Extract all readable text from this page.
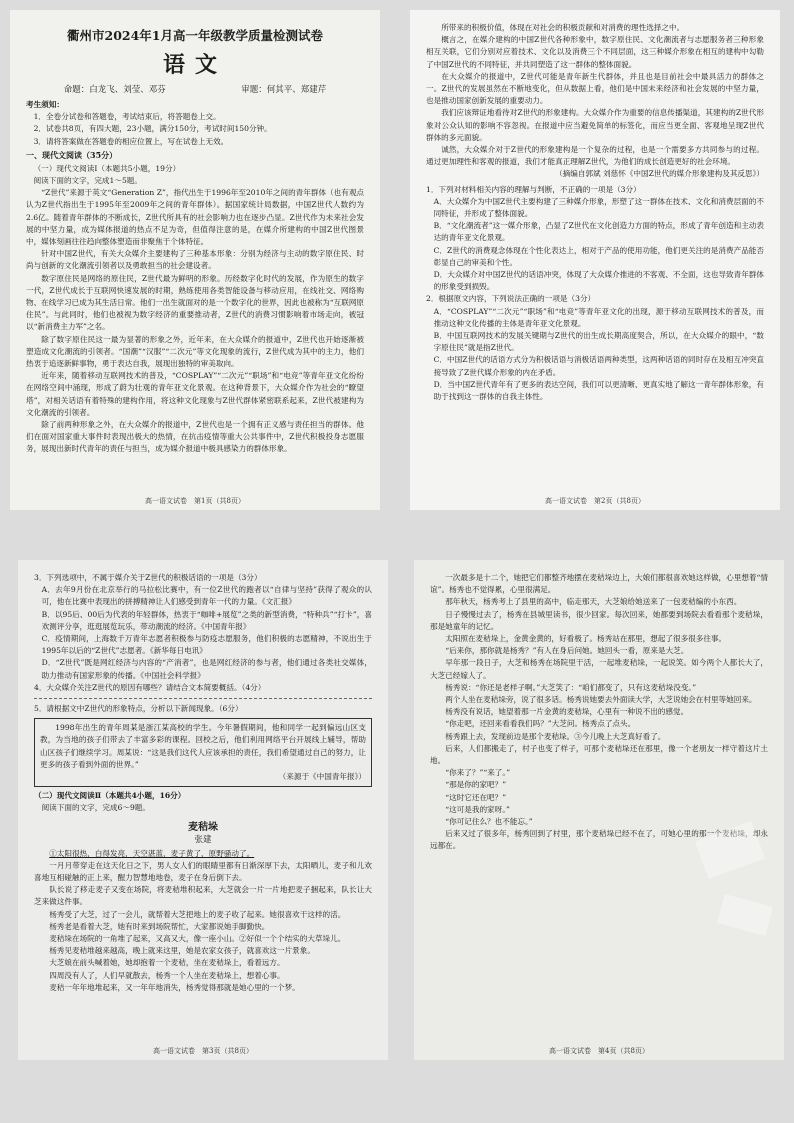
衢州市2024年1月高一年级教学质量检测试卷
语文
命题：白龙飞、刘莹、邓芬	审题：何其平、郑建芹

考生须知：

1．全卷分试卷和答题卷，考试结束后，将答题卷上交。

2．试卷共8页，有四大题，23小题，满分150分，考试时间150分钟。

3．请将答案做在答题卷的相应位置上，写在试卷上无效。

一、现代文阅读（35分）

（一）现代文阅读Ⅰ（本题共5小题，19分）

阅读下面的文字，完成1～5题。

“Z世代”来源于英文“Generation Z”，指代出生于1996年至2010年之间的青年群体（也有观点认为Z世代指出生于1995年至2009年之间的青年群体）。据国家统计局数据，中国Z世代人数约为2.6亿。随着青年群体的不断成长，Z世代所具有的社会影响力也在逐步凸显。Z世代作为未来社会发展的中坚力量，成为媒体报道的热点不足为奇，但值得注意的是，在媒介所建构的中国Z世代图景中，媒体刻画往往趋向整体塑造而非聚焦于个体特征。

针对中国Z世代，有关大众媒介主要建构了三种基本形象：分别为经济与主动的数字原住民、时尚与创新的文化潮流引领者以及勇敢担当的社会建设者。

数字原住民是网络的原住民，Z世代最为鲜明的形象。历经数字化时代的发展，作为原生的数字一代，Z世代成长于互联网快速发展的时期，熟练使用各类智能设备与移动应用，在线社交、网络购物、在线学习已成为其生活日常。他们一出生就面对的是一个数字化的世界，因此也被称为“互联网原住民”。与此同时，他们也被视为数字经济的重要推动者，Z世代的消费习惯影响着市场走向，被冠以“新消费主力军”之名。

除了数字原住民这一最为显著的形象之外，近年来，在大众媒介的报道中，Z世代也开始逐渐被塑造成文化潮流的引领者。“国潮”“汉服”“二次元”等文化现象的流行，Z世代成为其中的主力，他们热衷于追逐新鲜事物，勇于表达自我，展现出独特的审美取向。

近年来，随着移动互联网技术的普及，“COSPLAY”“二次元”“职场”和“电竞”等青年亚文化纷纷在网络空间中涌现，形成了蔚为壮观的青年亚文化景观。在这种背景下，大众媒介作为社会的“瞭望塔”，对相关话语有着特殊的建构作用，将这种文化现象与Z世代群体紧密联系起来，Z世代被建构为文化潮流的引领者。

除了前两种形象之外，在大众媒介的报道中，Z世代也是一个拥有正义感与责任担当的群体。他们在面对国家重大事件时表现出极大的热情，在抗击疫情等重大公共事件中，Z世代积极投身志愿服务，展现出新时代青年的责任与担当，成为媒介报道中极具感染力的群体形象。

高一语文试卷　第1页（共8页）

所带来的积极价值，体现在对社会的积极贡献和对消费的理性选择之中。

概言之，在媒介建构的中国Z世代各种形象中，数字原住民、文化潮流者与志愿服务者三种形象相互关联，它们分别对应着技术、文化以及消费三个不同层面，这三种媒介形象在相互的建构中勾勒了中国Z世代的不同特征，并共同塑造了这一群体的整体面貌。

在大众媒介的报道中，Z世代可能是青年新生代群体，并且也是目前社会中最具活力的群体之一。Z世代的发展虽然在不断地变化，但从数据上看，他们是中国未来经济和社会发展的中坚力量，也是推动国家创新发展的重要动力。

我们应该辩证地看待对Z世代的形象建构。大众媒介作为重要的信息传播渠道，其建构的Z世代形象对公众认知的影响不容忽视。在报道中应当避免简单的标签化，而应当更全面、客观地呈现Z世代群体的多元面貌。

诚然，大众媒介对于Z世代的形象建构是一个复杂的过程，也是一个需要多方共同参与的过程。通过更加理性和客观的报道，我们才能真正理解Z世代，为他们的成长创造更好的社会环境。

（摘编自郭斌 刘慈怀《中国Z世代的媒介形象建构及其反思》）

1．下列对材料相关内容的理解与判断，不正确的一项是（3分）

A．大众媒介为中国Z世代主要构建了三种媒介形象，形塑了这一群体在技术、文化和消费层面的不同特征，并形成了整体面貌。

B．“文化潮流者”这一媒介形象，凸显了Z世代在文化创造力方面的特点，形成了青年创造和主动表达的青年亚文化景观。

C．Z世代的消费观念体现在个性化表达上，相对于产品的使用功能，他们更关注的是消费产品能否彰显自己的审美和个性。

D．大众媒介对中国Z世代的话语冲突，体现了大众媒介推进的不客观、不全面，这也导致青年群体的形象受到损毁。

2．根据原文内容，下列说法正确的一项是（3分）

A．“COSPLAY”“二次元”“职场”和“电竞”等青年亚文化的出现，源于移动互联网技术的普及，而推动这种文化传播的主体是青年亚文化景观。

B．中国互联网技术的发展关键期与Z世代的出生成长期高度契合，所以，在大众媒介的眼中，“数字原住民”就是指Z世代。

C．中国Z世代的话语方式分为积极话语与消极话语两种类型，这两种话语的同时存在及相互冲突直接导致了Z世代媒介形象的内在矛盾。

D．当中国Z世代青年有了更多的表达空间，我们可以更清晰、更真实地了解这一青年群体形象，有助于找到这一群体的自我主体性。

高一语文试卷　第2页（共8页）

3．下列选项中，不属于媒介关于Z世代的积极话语的一项是（3分）

A．去年9月份在北京举行的马拉松比赛中，有一位Z世代的跑者以“自律与坚持”获得了观众的认可，他在比赛中表现出的拼搏精神让人们感受到青年一代的力量。《文汇报》

B．以95后、00后为代表的年轻群体，热衷于“咖啡+展览”之类的新型消费，“特种兵”“打卡”，喜欢测评分享，逛逛展览玩乐，带动潮流的经济。《中国青年报》

C．疫情期间，上海数千万青年志愿者积极参与防疫志愿服务，他们积极的志愿精神，不说出生于1995年以后的“Z世代”志愿者。《新华每日电讯》

D．“Z世代”既是网红经济与内容的“产消者”，也是网红经济的参与者，他们通过各类社交媒体，助力推动有国家形象的传播。《中国社会科学报》

4．大众媒介关注Z世代的原因有哪些？请结合文本简要概括。（4分）

5．请根据文中Z世代的形象特点，分析以下新闻现象。（6分）

1998年出生的青年周某是浙江某高校的学生。今年暑假期间，他和同学一起到偏远山区支教，为当地的孩子们带去了丰富多彩的课程。回校之后，他们利用网络平台开展线上辅导，帮助山区孩子们继续学习。周某说：“这是我们这代人应该承担的责任，我们希望通过自己的努力，让更多的孩子看到外面的世界。”

（来源于《中国青年报》）

（二）现代文阅读Ⅱ（本题共4小题，16分）

阅读下面的文字，完成6～9题。

麦秸垛
张建

①太阳很热，白得发亮，天空湛蓝，麦子黄了，原野骚动了。

一月月带穿走在这天化日之下，男人女人们的眼睛里都有日渐深厚下去，太阳晒儿，麦子和儿欢喜地互相碰触的正上来，醒力智慧地地卷，麦子在身后倒下去。

队长说了移走麦子又变在场院，将麦秸堆积起来，大芝就会一片一片地把麦子捆起来，队长让大芝来做这件事。

杨秀受了大芝，过了一会儿，就帮着大芝把地上的麦子收了起来。她很喜欢干这样的活。

杨秀老是看着大芝，她有时来到场院帮忙，大家都说她手脚勤快。

麦秸垛在场院的一角堆了起来，又高又大，像一座小山。②好似一个个结实的大草垛儿。

杨秀见麦秸堆越来越高，晚上就来这里，她是农家女孩子，就喜欢这一片景象。

大芝娘在前头喊着她，她却抱着一个麦秸，坐在麦秸垛上，看着远方。

四周没有人了，人们早就散去，杨秀一个人坐在麦秸垛上，想着心事。

麦秸一年年地堆起来，又一年年地消失，杨秀觉得那就是她心里的一个梦。

高一语文试卷　第3页（共8页）

一次最多是十二个，她把它们都整齐地摆在麦秸垛边上，大娘们都很喜欢她这样做，心里想着“情谊”。杨秀也不觉得累，心里很满足。

那年秋天，杨秀考上了县里的高中，临走那天，大芝娘给她送来了一包麦秸编的小东西。

日子慢慢过去了，杨秀在县城里读书，很少回家。每次回来，她都要到场院去看看那个麦秸垛，那是她童年的记忆。

太阳照在麦秸垛上，金黄金黄的，好看极了。杨秀站在那里，想起了很多很多往事。

“后来你，那你就是杨秀？”有人在身后问她。她回头一看，原来是大芝。

早年那一段日子，大芝和杨秀在场院里干活，一起堆麦秸垛，一起说笑。如今两个人都长大了，大芝已经嫁人了。

杨秀说：“你还是老样子啊。”大芝笑了：“咱们都变了，只有这麦秸垛没变。”

两个人坐在麦秸垛旁，说了很多话。杨秀说她要去外面读大学，大芝说她会在村里等她回来。

杨秀没有说话，她望着那一片金黄的麦秸垛，心里有一种说不出的感觉。

“你走吧，还回来看看我们吗？”大芝问。杨秀点了点头。

杨秀跟上去，发现前边是那个麦秸垛。③今儿晚上大芝真好看了。

后来，人们都搬走了，村子也变了样子，可那个麦秸垛还在那里，像一个老朋友一样守着这片土地。

“你来了？”“来了。”

“那是你的家吧？”

“这时它还在吧？”

“这可是我的家呀。”

“你可记住么？也不能忘。”

后来又过了很多年，杨秀回到了村里，那个麦秸垛已经不在了，可她心里的那一个麦秸垛，却永远都在。

高一语文试卷　第4页（共8页）
